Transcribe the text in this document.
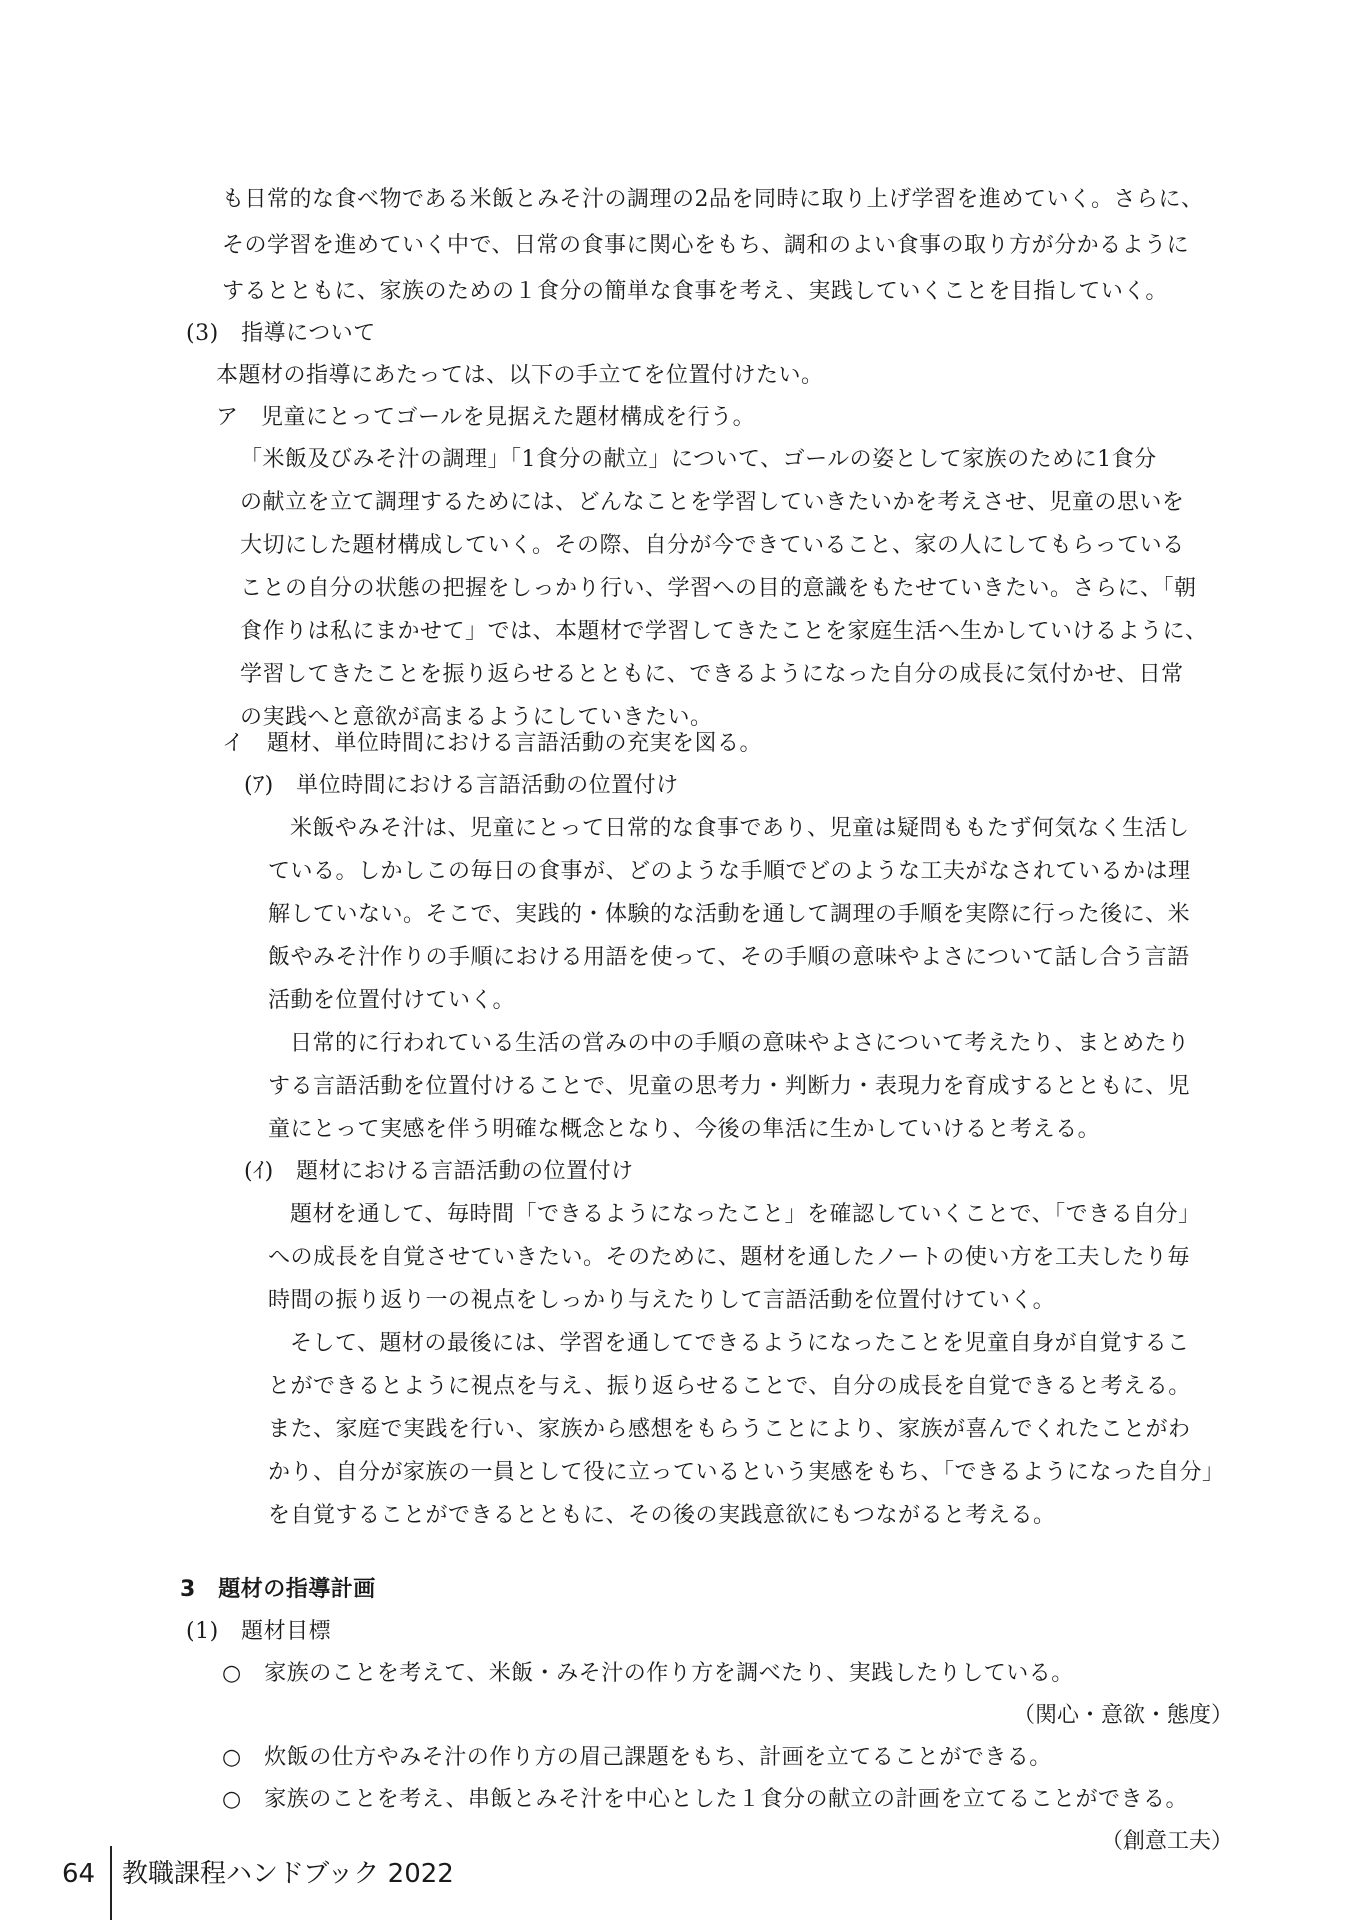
も日常的な食べ物である米飯とみそ汁の調理の2品を同時に取り上げ学習を進めていく。さらに、
その学習を進めていく中で、日常の食事に関心をもち、調和のよい食事の取り方が分かるように
するとともに、家族のための１食分の簡単な食事を考え、実践していくことを目指していく。
(3)　指導について
本題材の指導にあたっては、以下の手立てを位置付けたい。
ア　児童にとってゴールを見据えた題材構成を行う。
「米飯及びみそ汁の調理」「1食分の献立」について、ゴールの姿として家族のために1食分
の献立を立て調理するためには、どんなことを学習していきたいかを考えさせ、児童の思いを
大切にした題材構成していく。その際、自分が今できていること、家の人にしてもらっている
ことの自分の状態の把握をしっかり行い、学習への目的意識をもたせていきたい。さらに、「朝
食作りは私にまかせて」では、本題材で学習してきたことを家庭生活へ生かしていけるように、
学習してきたことを振り返らせるとともに、できるようになった自分の成長に気付かせ、日常
の実践へと意欲が高まるようにしていきたい。
イ　題材、単位時間における言語活動の充実を図る。
(ｱ)　単位時間における言語活動の位置付け
米飯やみそ汁は、児童にとって日常的な食事であり、児童は疑問ももたず何気なく生活し
ている。しかしこの毎日の食事が、どのような手順でどのような工夫がなされているかは理
解していない。そこで、実践的・体験的な活動を通して調理の手順を実際に行った後に、米
飯やみそ汁作りの手順における用語を使って、その手順の意味やよさについて話し合う言語
活動を位置付けていく。
日常的に行われている生活の営みの中の手順の意味やよさについて考えたり、まとめたり
する言語活動を位置付けることで、児童の思考力・判断力・表現力を育成するとともに、児
童にとって実感を伴う明確な概念となり、今後の隼活に生かしていけると考える。
(ｲ)　題材における言語活動の位置付け
題材を通して、毎時間「できるようになったこと」を確認していくことで、「できる自分」
への成長を自覚させていきたい。そのために、題材を通したノートの使い方を工夫したり毎
時間の振り返り一の視点をしっかり与えたりして言語活動を位置付けていく。
そして、題材の最後には、学習を通してできるようになったことを児童自身が自覚するこ
とができるとように視点を与え、振り返らせることで、自分の成長を自覚できると考える。
また、家庭で実践を行い、家族から感想をもらうことにより、家族が喜んでくれたことがわ
かり、自分が家族の一員として役に立っているという実感をもち、「できるようになった自分」
を自覚することができるとともに、その後の実践意欲にもつながると考える。
3　題材の指導計画
(1)　題材目標
○　家族のことを考えて、米飯・みそ汁の作り方を調べたり、実践したりしている。
（関心・意欲・態度）
○　炊飯の仕方やみそ汁の作り方の眉己課題をもち、計画を立てることができる。
○　家族のことを考え、串飯とみそ汁を中心とした１食分の献立の計画を立てることができる。
（創意工夫）
64 教職課程ハンドブック 2022
